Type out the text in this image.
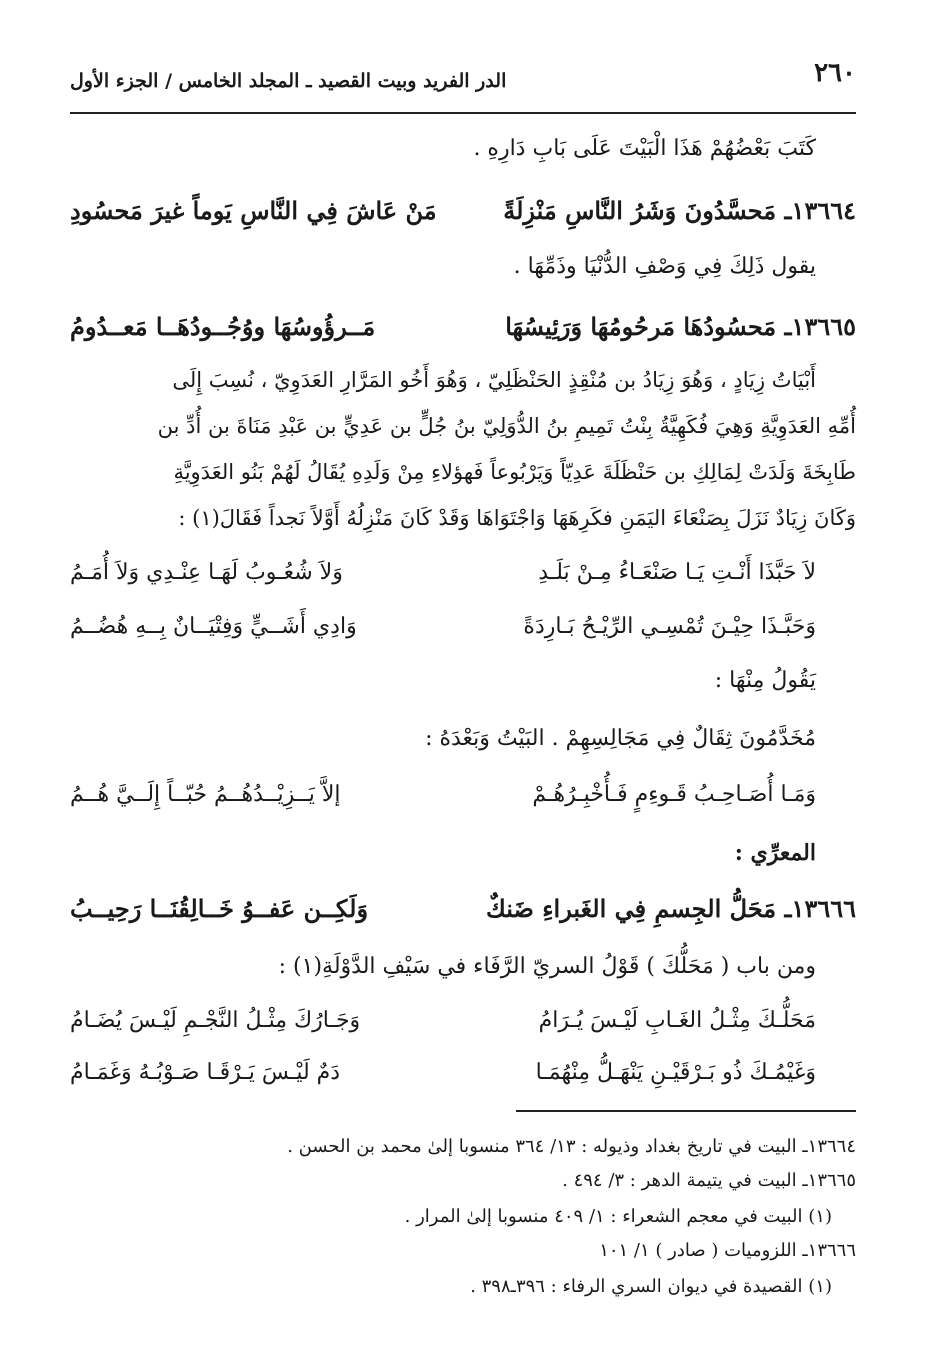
٢٦٠
الدر الفريد وبيت القصيد ـ المجلد الخامس / الجزء الأول
كَتَبَ بَعْضُهُمْ هَذَا الْبَيْتَ عَلَى بَابِ دَارِهِ .
١٣٦٦٤ـ مَحسَّدُونَ وَشَرُ النَّاسِ مَنْزِلَةً
مَنْ عَاشَ فِي النَّاسِ يَوماً غيرَ مَحسُودِ
يقول ذَلِكَ فِي وَصْفِ الدُّنْيَا وذَمِّهَا .
١٣٦٦٥ـ مَحسُودُهَا مَرحُومُهَا وَرَئِيسُهَا
مَــرؤُوسُهَا ووُجُــودُهَــا مَعــدُومُ
أَبْيَاتُ زِيَادٍ ، وَهُوَ زِيَادُ بن مُنْقِذٍ الحَنْظَلِيّ ، وَهُوَ أَخُو المَرَّارِ العَدَوِيّ ، نُسِبَ إِلَى
أُمِّهِ العَدَوِيَّةِ وَهِيَ فُكَهِيَّةُ بِنْتُ تَمِيمِ بنُ الدُّوَلِيّ بنُ جُلٍّ بن عَدِيٍّ بن عَبْدِ مَنَاةَ بن أُدِّ بن
طَابِخَةَ وَلَدَتْ لِمَالِكِ بن حَنْظَلَةَ عَدِيّاً وَيَرْبُوعاً فَهؤلاءِ مِنْ وَلَدِهِ يُقَالُ لَهُمْ بَنُو العَدَوِيَّةِ
وَكَانَ زِيَادٌ نَزَلَ بِصَنْعَاءَ اليَمَنِ فكَرِهَهَا وَاجْتَوَاهَا وَقَدْ كَانَ مَنْزِلُهُ أَوَّلاً نَجداً فَقَالَ(١) :
لاَ حَبَّذَا أَنْـتِ يَـا صَنْعَـاءُ مِـنْ بَلَـدِ
وَلاَ شُعُـوبُ لَهَـا عِنْـدِي وَلاَ أُمَـمُ
وَحَبَّـذَا حِيْـنَ تُمْسِـي الرِّيْـحُ بَـارِدَةً
وَادِي أَشَــيٍّ وَفِتْيَــانٌ بِــهِ هُضُــمُ
يَقُولُ مِنْهَا :
مُخَدَّمُونَ ثِقَالٌ فِي مَجَالِسِهِمْ . البَيْتُ وَبَعْدَهُ :
وَمَـا أُصَـاحِـبُ قَـوءِمٍ فَـأُخْبِـرُهُـمْ
إلاَّ يَــزِيْــدُهُــمُ حُبّــاً إِلَــيَّ هُــمُ
المعرِّي :
١٣٦٦٦ـ مَحَلُّ الجِسمِ فِي الغَبراءِ ضَنكٌ
وَلَكِــن عَفــوُ خَــالِقُنَــا رَحِيــبُ
ومن باب ( مَحَلُّكَ ) قَوْلُ السريّ الرَّفَاء في سَيْفِ الدَّوْلَةِ(١) :
مَحَلُّـكَ مِثْـلُ الغَـابِ لَيْـسَ يُـرَامُ
وَجَـارُكَ مِثْـلُ النَّجْـمِ لَيْـسَ يُضَـامُ
وَغَيْمُـكَ ذُو بَـرْقَيْـنِ يَنْهَـلُّ مِنْهُمَـا
دَمٌ لَيْـسَ يَـرْقَـا صَـوْبُـهُ وَغَمَـامُ
١٣٦٦٤ـ البيت في تاريخ بغداد وذيوله : ١٣/ ٣٦٤ منسوبا إلىٰ محمد بن الحسن .
١٣٦٦٥ـ البيت في يتيمة الدهر : ٣/ ٤٩٤ .
(١) البيت في معجم الشعراء : ١/ ٤٠٩ منسوبا إلىٰ المرار .
١٣٦٦٦ـ اللزوميات ( صادر ) ١/ ١٠١
(١) القصيدة في ديوان السري الرفاء : ٣٩٦ـ٣٩٨ .
